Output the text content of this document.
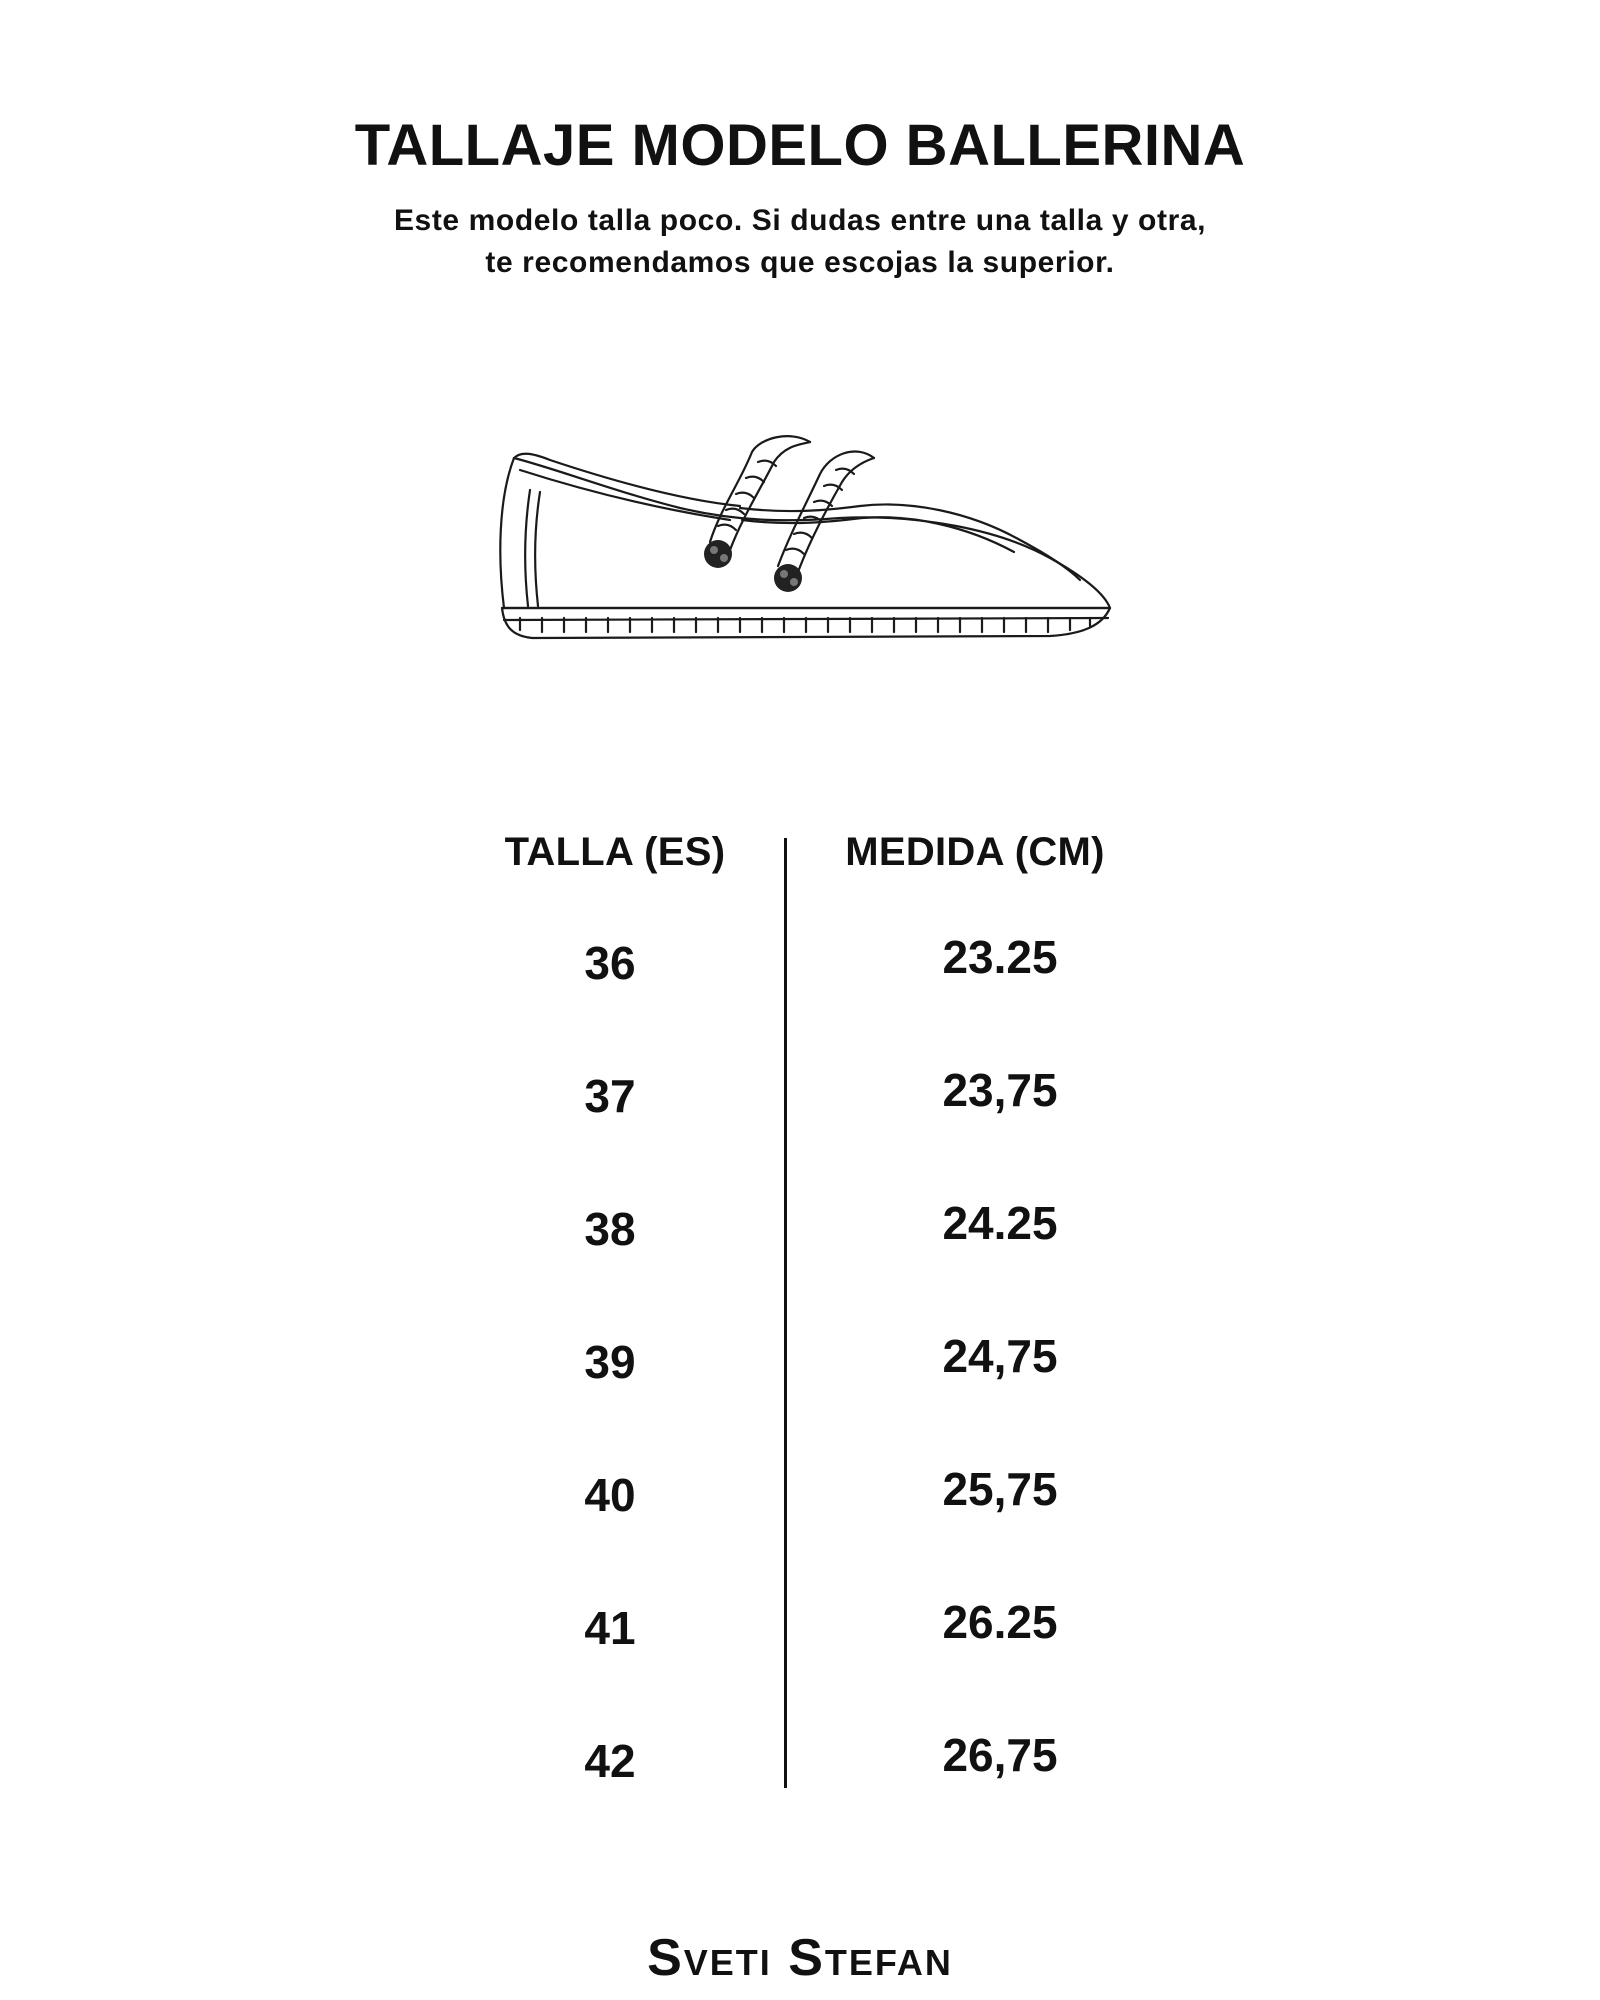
TALLAJE MODELO BALLERINA

Este modelo talla poco. Si dudas entre una talla y otra,
te recomendamos que escojas la superior.

TALLA (ES)	MEDIDA (CM)
36	23.25
37	23,75
38	24.25
39	24,75
40	25,75
41	26.25
42	26,75
Sveti Stefan
